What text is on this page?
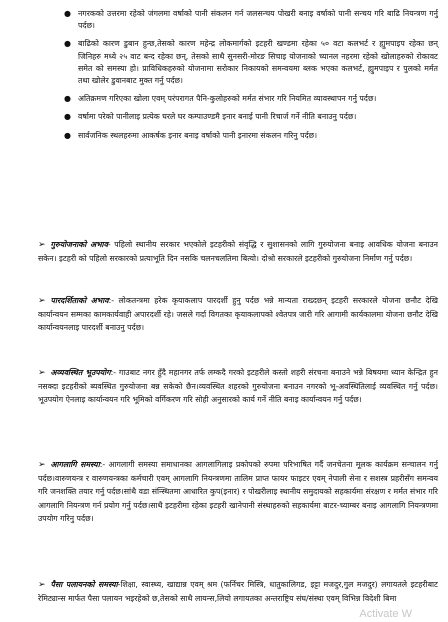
● नगरकको उत्तरमा रहेको जंगलमा वर्षाको पानी संकलन गर्न जलसन्चय पोखरी बनाइ वर्षाको पानी सन्चय गरि बाढि नियन्त्रण गर्नु पर्दछ।
● बाढिको कारण डुबान हुन्छ,तेसको कारण महेन्द्र लोकमार्गको इटहरी खण्डमा रहेका ५० वटा कलभर्ट र ह्युमपाइप रहेका छन् जिनिहरु मध्ये २५ वाट बन्द रहेका छन्, तेसको साथै सुनसरी-मोरङ सिचाइ योजनाको च्यानल नहरमा रहेको खोलाहरुको रोकावट समेत को समस्या हो। प्राविधिकहरुको योजनामा सरोकार निकायको समन्वयमा ब्लक भएका कलभर्ट, ह्युमपाइप र पुलको मर्मत तथा खोलेर डुवानबाट मुक्त गर्नु पर्दछ।
● अतिक्रमण गरिएका खोला एवम् परंपरागत पैनि-कुलोहरुको मर्मत संभार गरि नियमित व्यावस्थापन गर्नु पर्दछ।
● वर्षामा परेको पानीलाइ प्रत्येक घरले घर कम्पाउण्डमै इनार बनाई पानी रिचार्ज गर्ने नीति बनाउनु पर्दछ।
● सार्वजनिक स्थलहरुमा आकर्षक इनार बनाइ वर्षाको पानी इनारमा संकलन गरिनु पर्दछ।
➢ गुरुयोजनाको अभाव- पहिलो स्थानीय सरकार भएकोले इटहरीको संवृद्धि र सुशासनको लागि गुरुयोजना बनाइ आवधिक योजना बनाउन सकेन। इटहरी को पहिलो सरकारको प्रत्याभूति दिन नसकि चलनचलतिमा बित्यो। दोश्रो सरकारले इटहरीको गुरुयोजना निर्माण गर्नु पर्दछ।
➢ पारदर्शिताको अभाव:- लोकतन्त्रमा हरेक कृयाकलाप पारदर्शी हुनु पर्दछ भन्ने मान्यता राख्दछन् इटहरी सरकारले योजना छनौट देखि कार्यान्वयन सम्मका कामकार्यवाही अपारदर्शी रहे। जसले गर्दा विगतका कृयाकलापको श्वेतपत्र जारी गरि आगामी कार्यकालमा योजना छनौट देखि कार्यान्वयनलाइ पारदर्शी बनाउनु पर्दछ।
➢ अव्यवस्थित भूउपयोग:- गाउबाट नगर हुँदै महानगर तर्फ लम्कदै गरको इटहरीले कस्तो शहरी संरचना बनाउने भन्ने बिषयमा ध्यान केन्द्रित हुन नसक्दा इटहरीको ब्यवस्थित गुरुयोजना बन्न सकेको छैन।व्यवस्थित शहरको गुरुयोजना बनाउन नगरको भू-अवस्थितिलाई व्यवस्थित गर्नु पर्दछ।भूउपयोग ऐनलाइ कार्यान्वयन गरि भूमिको वर्गिकरण गरि सोही अनुसारको कार्य गर्ने नीति बनाइ कार्यान्वयन गर्नु पर्दछ।
➢ आगलागि समस्या:- आगलागी समस्या समाधानका आगलागिलाइ प्रकोपको रुपमा परिभाषित गर्दै जनचेतना मूलक कार्यक्रम सन्चालन गर्नु पर्दछ।वारुणयन्त्र र वारुणयन्त्रका कर्मचारी एवम् आगलागि नियन्त्रणमा तालिम प्राप्त फायर फाइटर एवम् नेपाली सेना र सशस्त्र प्रहरीसँग समन्वय गरि जनशक्ति तयार गर्नु पर्दछ।सांथै वडा संन्स्थितमा आधारित कुप(इनार) र पोखरीलाइ स्थानीय समुदायको सहकार्यमा संरक्षण र मर्मत संभार गरि आगलागि नियन्त्रण गर्न प्रयोग गर्नु पर्दछ।साथै इटहरीमा रहेका इटहरी खानेपानी संस्थाहरुको सहकार्यमा बाटर-च्याम्बर बनाइ आगलागि नियन्त्रणमा उपयोग गरिनु पर्दछ।
➢ पैसा पलायनको समस्या-शिक्षा, स्वास्थ्य, खाद्यान्न एवम् श्रम (फर्निचर मिस्त्रि, धातुकालिगड, इट्टा मजदुर,गुल मजदुर) लगायतले इटहरीबाट रेमिट्यान्स मार्फत पैसा पलायन भइरहेको छ,तेसको साथै लायन्स,लियो लगायतका अन्तराष्ट्रिय संघ/संस्था एवम् विभिन्न विदेशी बिमा
Activate W
